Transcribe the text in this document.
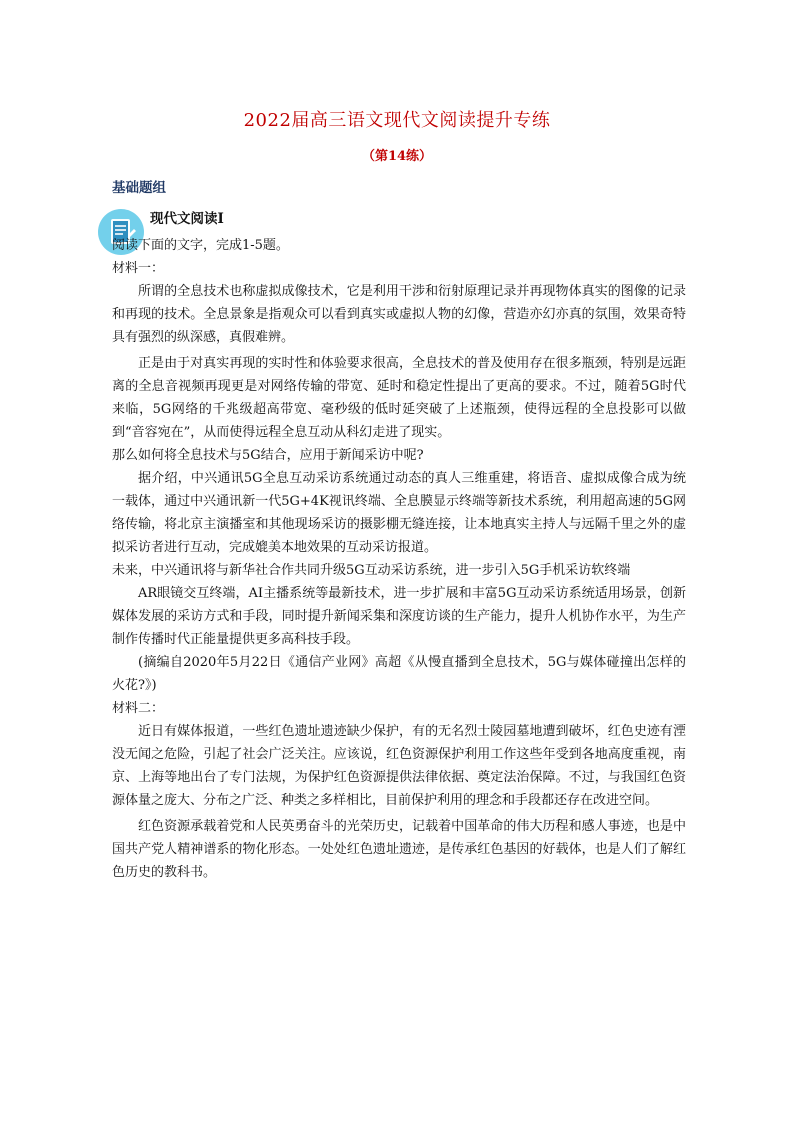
2022届高三语文现代文阅读提升专练
（第14练）
基础题组
现代文阅读Ⅰ

阅读下面的文字，完成1-5题。

材料一：

所谓的全息技术也称虚拟成像技术，它是利用干涉和衍射原理记录并再现物体真实的图像的记录和再现的技术。全息景象是指观众可以看到真实或虚拟人物的幻像，营造亦幻亦真的氛围，效果奇特具有强烈的纵深感，真假难辨。

正是由于对真实再现的实时性和体验要求很高，全息技术的普及使用存在很多瓶颈，特别是远距离的全息音视频再现更是对网络传输的带宽、延时和稳定性提出了更高的要求。不过，随着5G时代来临，5G网络的千兆级超高带宽、毫秒级的低时延突破了上述瓶颈，使得远程的全息投影可以做到“音容宛在”，从而使得远程全息互动从科幻走进了现实。

那么如何将全息技术与5G结合，应用于新闻采访中呢?

据介绍，中兴通讯5G全息互动采访系统通过动态的真人三维重建，将语音、虚拟成像合成为统一载体，通过中兴通讯新一代5G+4K视讯终端、全息膜显示终端等新技术系统，利用超高速的5G网络传输，将北京主演播室和其他现场采访的摄影棚无缝连接，让本地真实主持人与远隔千里之外的虚拟采访者进行互动，完成媲美本地效果的互动采访报道。

未来，中兴通讯将与新华社合作共同升级5G互动采访系统，进一步引入5G手机采访软终端

AR眼镜交互终端，AI主播系统等最新技术，进一步扩展和丰富5G互动采访系统适用场景，创新媒体发展的采访方式和手段，同时提升新闻采集和深度访谈的生产能力，提升人机协作水平，为生产制作传播时代正能量提供更多高科技手段。

(摘编自2020年5月22日《通信产业网》高超《从慢直播到全息技术，5G与媒体碰撞出怎样的火花?》)

材料二：

近日有媒体报道，一些红色遗址遗迹缺少保护，有的无名烈士陵园墓地遭到破坏，红色史迹有湮没无闻之危险，引起了社会广泛关注。应该说，红色资源保护利用工作这些年受到各地高度重视，南京、上海等地出台了专门法规，为保护红色资源提供法律依据、奠定法治保障。不过，与我国红色资源体量之庞大、分布之广泛、种类之多样相比，目前保护利用的理念和手段都还存在改进空间。

红色资源承载着党和人民英勇奋斗的光荣历史，记载着中国革命的伟大历程和感人事迹，也是中国共产党人精神谱系的物化形态。一处处红色遗址遗迹，是传承红色基因的好载体，也是人们了解红色历史的教科书。
